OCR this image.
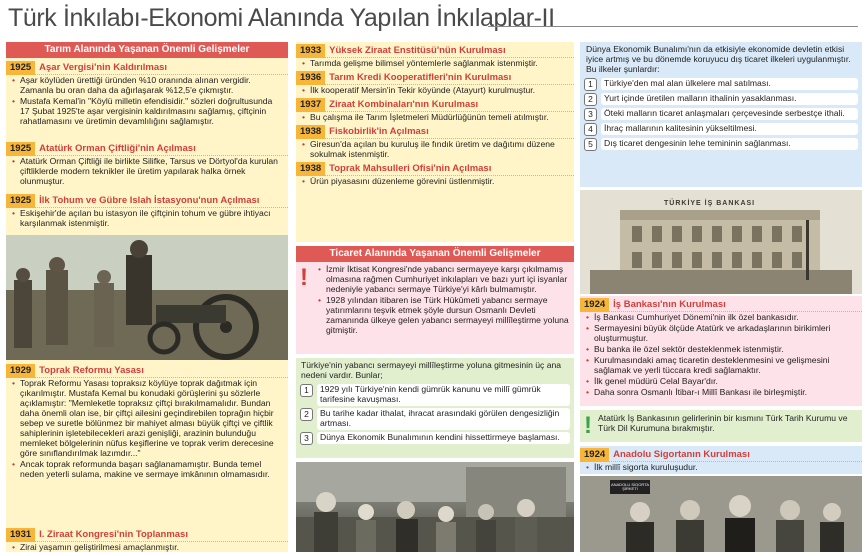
Türk İnkılabı-Ekonomi Alanında Yapılan İnkılaplar-II
Tarım Alanında Yaşanan Önemli Gelişmeler
1925 Aşar Vergisi'nin Kaldırılması
• Aşar köylüden ürettiği üründen %10 oranında alınan vergidir. Zamanla bu oran daha da ağırlaşarak %12,5'e çıkmıştır.
• Mustafa Kemal'in "Köylü milletin efendisidir." sözleri doğrultusunda 17 Şubat 1925'te aşar vergisinin kaldırılmasını sağlamış, çiftçinin rahatlamasını ve üretimin devamlılığını sağlamıştır.
1925 Atatürk Orman Çiftliği'nin Açılması
• Atatürk Orman Çiftliği ile birlikte Silifke, Tarsus ve Dörtyol'da kurulan çiftliklerde modern teknikler ile üretim yapılarak halka örnek olunmuştur.
1925 İlk Tohum ve Gübre Islah İstasyonu'nun Açılması
• Eskişehir'de açılan bu istasyon ile çiftçinin tohum ve gübre ihtiyacı karşılanmak istenmiştir.
1929 Toprak Reformu Yasası
• Toprak Reformu Yasası topraksız köylüye toprak dağıtmak için çıkarılmıştır. Mustafa Kemal bu konudaki görüşlerini şu sözlerle açıklamıştır: "Memleketle topraksız çiftçi bırakılmamalıdır. Bundan daha önemli olan ise, bir çiftçi ailesini geçindirebilen toprağın hiçbir sebep ve suretle bölünmez bir mahiyet alması büyük çiftçi ve çiftlik sahiplerinin işletebilecekleri arazi genişliği, arazinin bulunduğu memleket bölgelerinin nüfus keşiflerine ve toprak verim derecesine göre sınıflandırılmak lazımdır..."
• Ancak toprak reformunda başarı sağlanamamıştır. Bunda temel neden yeterli sulama, makine ve sermaye imkânının olmamasıdır.
1931 I. Ziraat Kongresi'nin Toplanması
• Zirai yaşamın geliştirilmesi amaçlanmıştır.
1933 Yüksek Ziraat Enstitüsü'nün Kurulması
• Tarımda gelişme bilimsel yöntemlerle sağlanmak istenmiştir.
1936 Tarım Kredi Kooperatifleri'nin Kurulması
• İlk kooperatif Mersin'in Tekir köyünde (Atayurt) kurulmuştur.
1937 Ziraat Kombinaları'nın Kurulması
• Bu çalışma ile Tarım İşletmeleri Müdürlüğünün temeli atılmıştır.
1938 Fiskobirlik'in Açılması
• Giresun'da açılan bu kuruluş ile fındık üretim ve dağıtımı düzene sokulmak istenmiştir.
1938 Toprak Mahsulleri Ofisi'nin Açılması
• Ürün piyasasını düzenleme görevini üstlenmiştir.
Ticaret Alanında Yaşanan Önemli Gelişmeler
!
•	İzmir İktisat Kongresi'nde yabancı sermayeye karşı çıkılmamış olmasına rağmen Cumhuriyet inkılapları ve bazı yurt içi isyanlar nedeniyle yabancı sermaye Türkiye'yi kârlı bulmamıştır.
• 1928 yılından itibaren ise Türk Hükûmeti yabancı sermaye yatırımlarını teşvik etmek şöyle dursun Osmanlı Devleti zamanında ülkeye gelen yabancı sermayeyi millîleştirme yoluna gitmiştir.
Türkiye'nin yabancı sermayeyi millîleştirme yoluna gitmesinin üç ana nedeni vardır. Bunlar;
1	1929 yılı Türkiye'nin kendi gümrük kanunu ve millî gümrük tarifesine kavuşması.
2	Bu tarihe kadar ithalat, ihracat arasındaki görülen dengesizliğin artması.
3	Dünya Ekonomik Bunalımının kendini hissettirmeye başlaması.
Dünya Ekonomik Bunalımı'nın da etkisiyle ekonomide devletin etkisi iyice artmış ve bu dönemde koruyucu dış ticaret ilkeleri uygulanmıştır. Bu ilkeler şunlardır:
1	Türkiye'den mal alan ülkelere mal satılması.
2	Yurt içinde üretilen malların ithalinin yasaklanması.
3	Öteki malların ticaret anlaşmaları çerçevesinde serbestçe ithali.
4	İhraç mallarının kalitesinin yükseltilmesi.
5	Dış ticaret dengesinin lehe temininin sağlanması.
TÜRKİYE İŞ BANKASI
1924 İş Bankası'nın Kurulması
• İş Bankası Cumhuriyet Dönemi'nin ilk özel bankasıdır.
• Sermayesini büyük ölçüde Atatürk ve arkadaşlarının birikimleri oluşturmuştur.
• Bu banka ile özel sektör desteklenmek istenmiştir.
• Kurulmasındaki amaç ticaretin desteklenmesini ve gelişmesini sağlamak ve yerli tüccara kredi sağlamaktır.
• İlk genel müdürü Celal Bayar'dır.
• Daha sonra Osmanlı İtibar-ı Millî Bankası ile birleşmiştir.
! Atatürk İş Bankasının gelirlerinin bir kısmını Türk Tarih Kurumu ve Türk Dil Kurumuna bırakmıştır.
1924 Anadolu Sigortanın Kurulması
• İlk millî sigorta kuruluşudur.
ANADOLU SİGORTA ŞİRKETİ
